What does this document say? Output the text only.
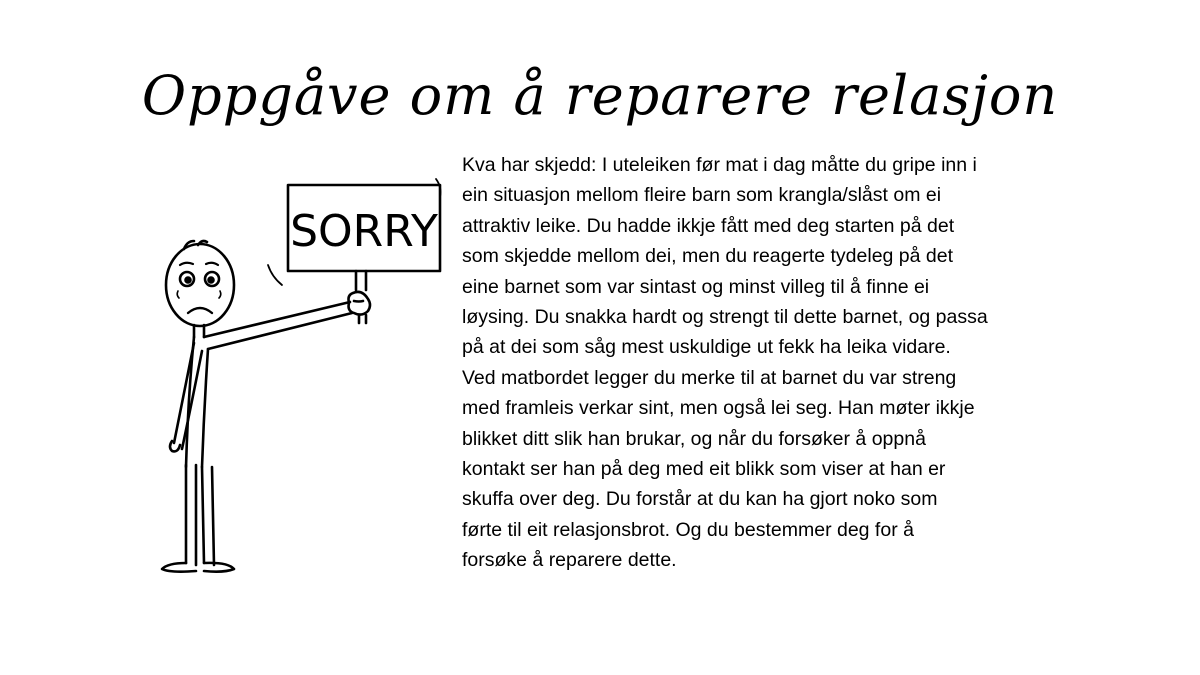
Oppgåve om å reparere relasjon
SORRY

Kva har skjedd: I uteleiken før mat i dag måtte du gripe inn i
ein situasjon mellom fleire barn som krangla/slåst om ei
attraktiv leike. Du hadde ikkje fått med deg starten på det
som skjedde mellom dei, men du reagerte tydeleg på det
eine barnet som var sintast og minst villeg til å finne ei
løysing. Du snakka hardt og strengt til dette barnet, og passa
på at dei som såg mest uskuldige ut fekk ha leika vidare.
Ved matbordet legger du merke til at barnet du var streng
med framleis verkar sint, men også lei seg. Han møter ikkje
blikket ditt slik han brukar, og når du forsøker å oppnå
kontakt ser han på deg med eit blikk som viser at han er
skuffa over deg. Du forstår at du kan ha gjort noko som
førte til eit relasjonsbrot. Og du bestemmer deg for å
forsøke å reparere dette.
